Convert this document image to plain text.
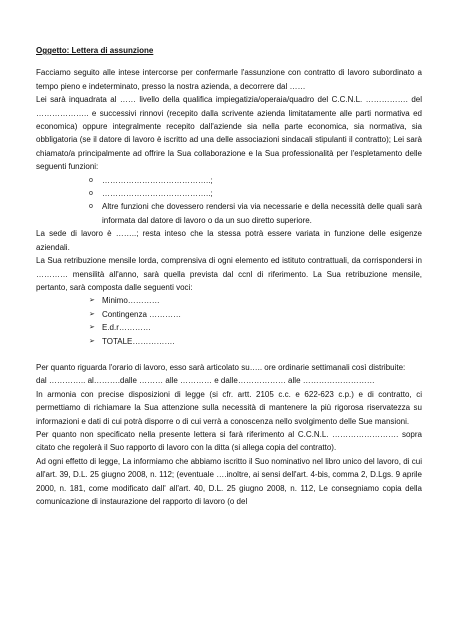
Oggetto: Lettera di assunzione

Facciamo seguito alle intese intercorse per confermarle l'assunzione con contratto di lavoro subordinato a tempo pieno e indeterminato, presso la nostra azienda, a decorrere dal ……

Lei sarà inquadrata al …… livello della qualifica impiegatizia/operaia/quadro del C.C.N.L. ……………. del ……………….. e successivi rinnovi (recepito dalla scrivente azienda limitatamente alle parti normativa ed economica) oppure integralmente recepito dall'aziende sia nella parte economica, sia normativa, sia obbligatoria (se il datore di lavoro è iscritto ad una delle associazioni sindacali stipulanti il contratto); Lei sarà chiamato/a principalmente ad offrire la Sua collaborazione e la Sua professionalità per l'espletamento delle seguenti funzioni:

o …………………………………..;
o …………………………………..;
o Altre funzioni che dovessero rendersi via via necessarie e della necessità delle quali sarà informata dal datore di lavoro o da un suo diretto superiore.

La sede di lavoro è ……..; resta inteso che la stessa potrà essere variata in funzione delle esigenze aziendali.

La Sua retribuzione mensile lorda, comprensiva di ogni elemento ed istituto contrattuali, da corrispondersi in ………… mensilità all'anno, sarà quella prevista dal ccnl di riferimento. La Sua retribuzione mensile, pertanto, sarà composta dalle seguenti voci:

➢ Minimo…………
➢ Contingenza …………
➢ E.d.r…………
➢ TOTALE…………….

Per quanto riguarda l'orario di lavoro, esso sarà articolato su….. ore ordinarie settimanali così distribuite:

dal ………….. al……….dalle ……… alle ………… e dalle……………… alle ………………………

In armonia con precise disposizioni di legge (si cfr. artt. 2105 c.c. e 622-623 c.p.) e di contratto, ci permettiamo di richiamare la Sua attenzione sulla necessità di mantenere la più rigorosa riservatezza su informazioni e dati di cui potrà disporre o di cui verrà a conoscenza nello svolgimento delle Sue mansioni.

Per quanto non specificato nella presente lettera si farà riferimento al C.C.N.L. ……………………. sopra citato che regolerà il Suo rapporto di lavoro con la ditta (si allega copia del contratto).

Ad ogni effetto di legge, La informiamo che abbiamo iscritto il Suo nominativo nel libro unico del lavoro, di cui all'art. 39, D.L. 25 giugno 2008, n. 112; (eventuale ….inoltre, ai sensi dell'art. 4-bis, comma 2, D.Lgs. 9 aprile 2000, n. 181, come modificato dall' all'art. 40, D.L. 25 giugno 2008, n. 112, Le consegniamo copia della comunicazione di instaurazione del rapporto di lavoro (o del
